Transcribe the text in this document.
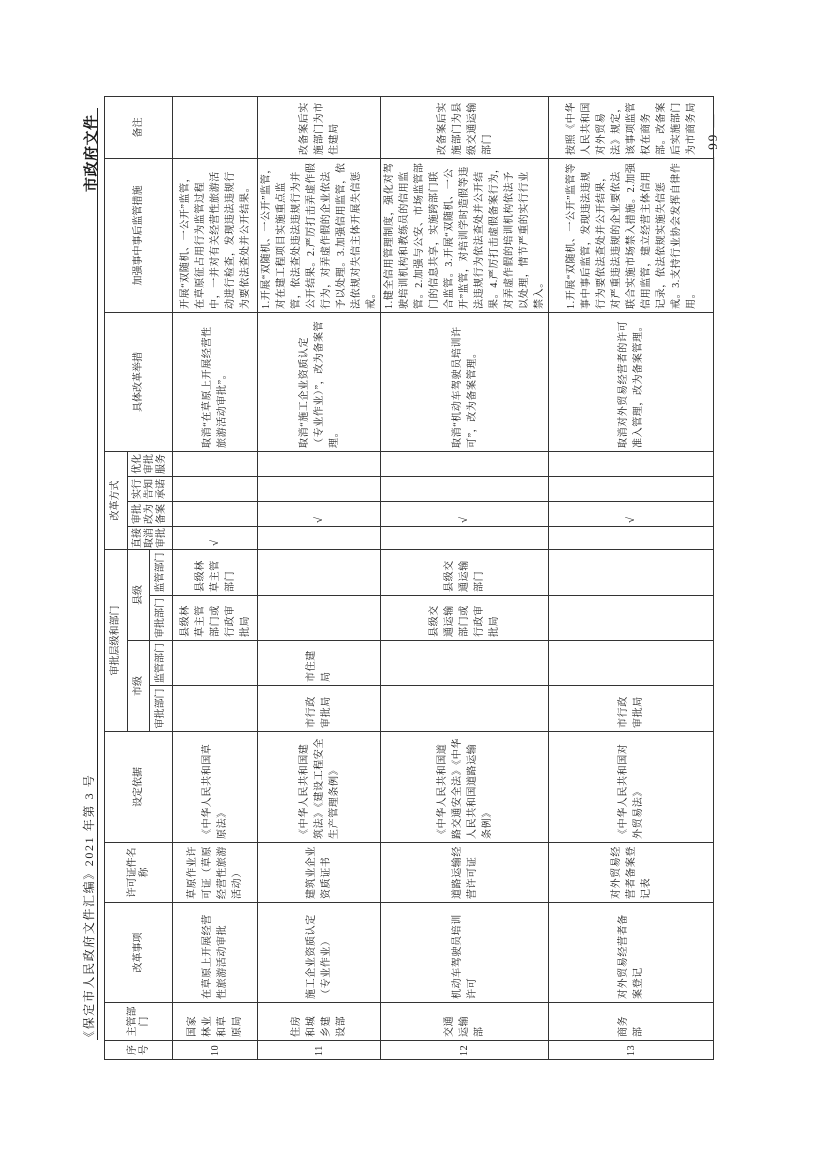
市政府文件
《保定市人民政府文件汇编》2021 年第 3 号
— 99 —
序号	主管部门	改革事项	许可证件名称	设定依据	审批层级和部门				改革方式				具体改革举措	加强事中事后监管措施	备注
					市级		县级		直接取消审批	审批改为备案	实行告知承诺	优化审批服务			
					审批部门	监管部门	审批部门	监管部门							
10	国家林业和草原局	在草原上开展经营性旅游活动审批	草原作业许可证（草原经营性旅游活动）	《中华人民共和国草原法》			县级林草主管部门或行政审批局	县级林草主管部门	√				取消“在草原上开展经营性旅游活动审批”。	开展“双随机、一公开”监管，在草原征占用行为监管过程中，一并对有关经营性旅游活动进行检查，发现违法违规行为要依法查处并公开结果。	
11	住房和城乡建设部	施工企业资质认定（专业作业）	建筑业企业资质证书	《中华人民共和国建筑法》《建设工程安全生产管理条例》	市行政审批局	市住建局				√			取消“施工企业资质认定（专业作业）”，改为备案管理。	1.开展“双随机、一公开”监管，对在建工程项目实施重点监管，依法查处违法违规行为并公开结果。2.严厉打击弄虚作假行为，对弄虚作假的企业依法予以处理。3.加强信用监管，依法依规对失信主体开展失信惩戒。	改备案后实施部门为市住建局
12	交通运输部	机动车驾驶员培训许可	道路运输经营许可证	《中华人民共和国道路交通安全法》《中华人民共和国道路运输条例》			县级交通运输部门或行政审批局	县级交通运输部门		√			取消“机动车驾驶员培训许可”，改为备案管理。	1.健全信用管理制度，强化对驾驶培训机构和教练员的信用监管。2.加强与公安、市场监管部门的信息共享，实施跨部门联合监管。3.开展“双随机、一公开”监管，对培训学时造假等违法违规行为依法查处并公开结果。4.严厉打击虚假备案行为，对弄虚作假的培训机构依法予以处理，情节严重的实行行业禁入。	改备案后实施部门为县级交通运输部门
13	商务部	对外贸易经营者备案登记	对外贸易经营者备案登记表	《中华人民共和国对外贸易法》	市行政审批局					√			取消对外贸易经营者的许可准入管理，改为备案管理。	1.开展“双随机、一公开”监管等事中事后监管，发现违法违规行为要依法查处并公开结果，对严重违法违规的企业要依法联合实施市场禁入措施。2.加强信用监管，建立经营主体信用记录，依法依规实施失信惩戒。3.支持行业协会发挥自律作用。	按照《中华人民共和国对外贸易法》规定，该事项监管权在商务部。改备案后实施部门为市商务局
